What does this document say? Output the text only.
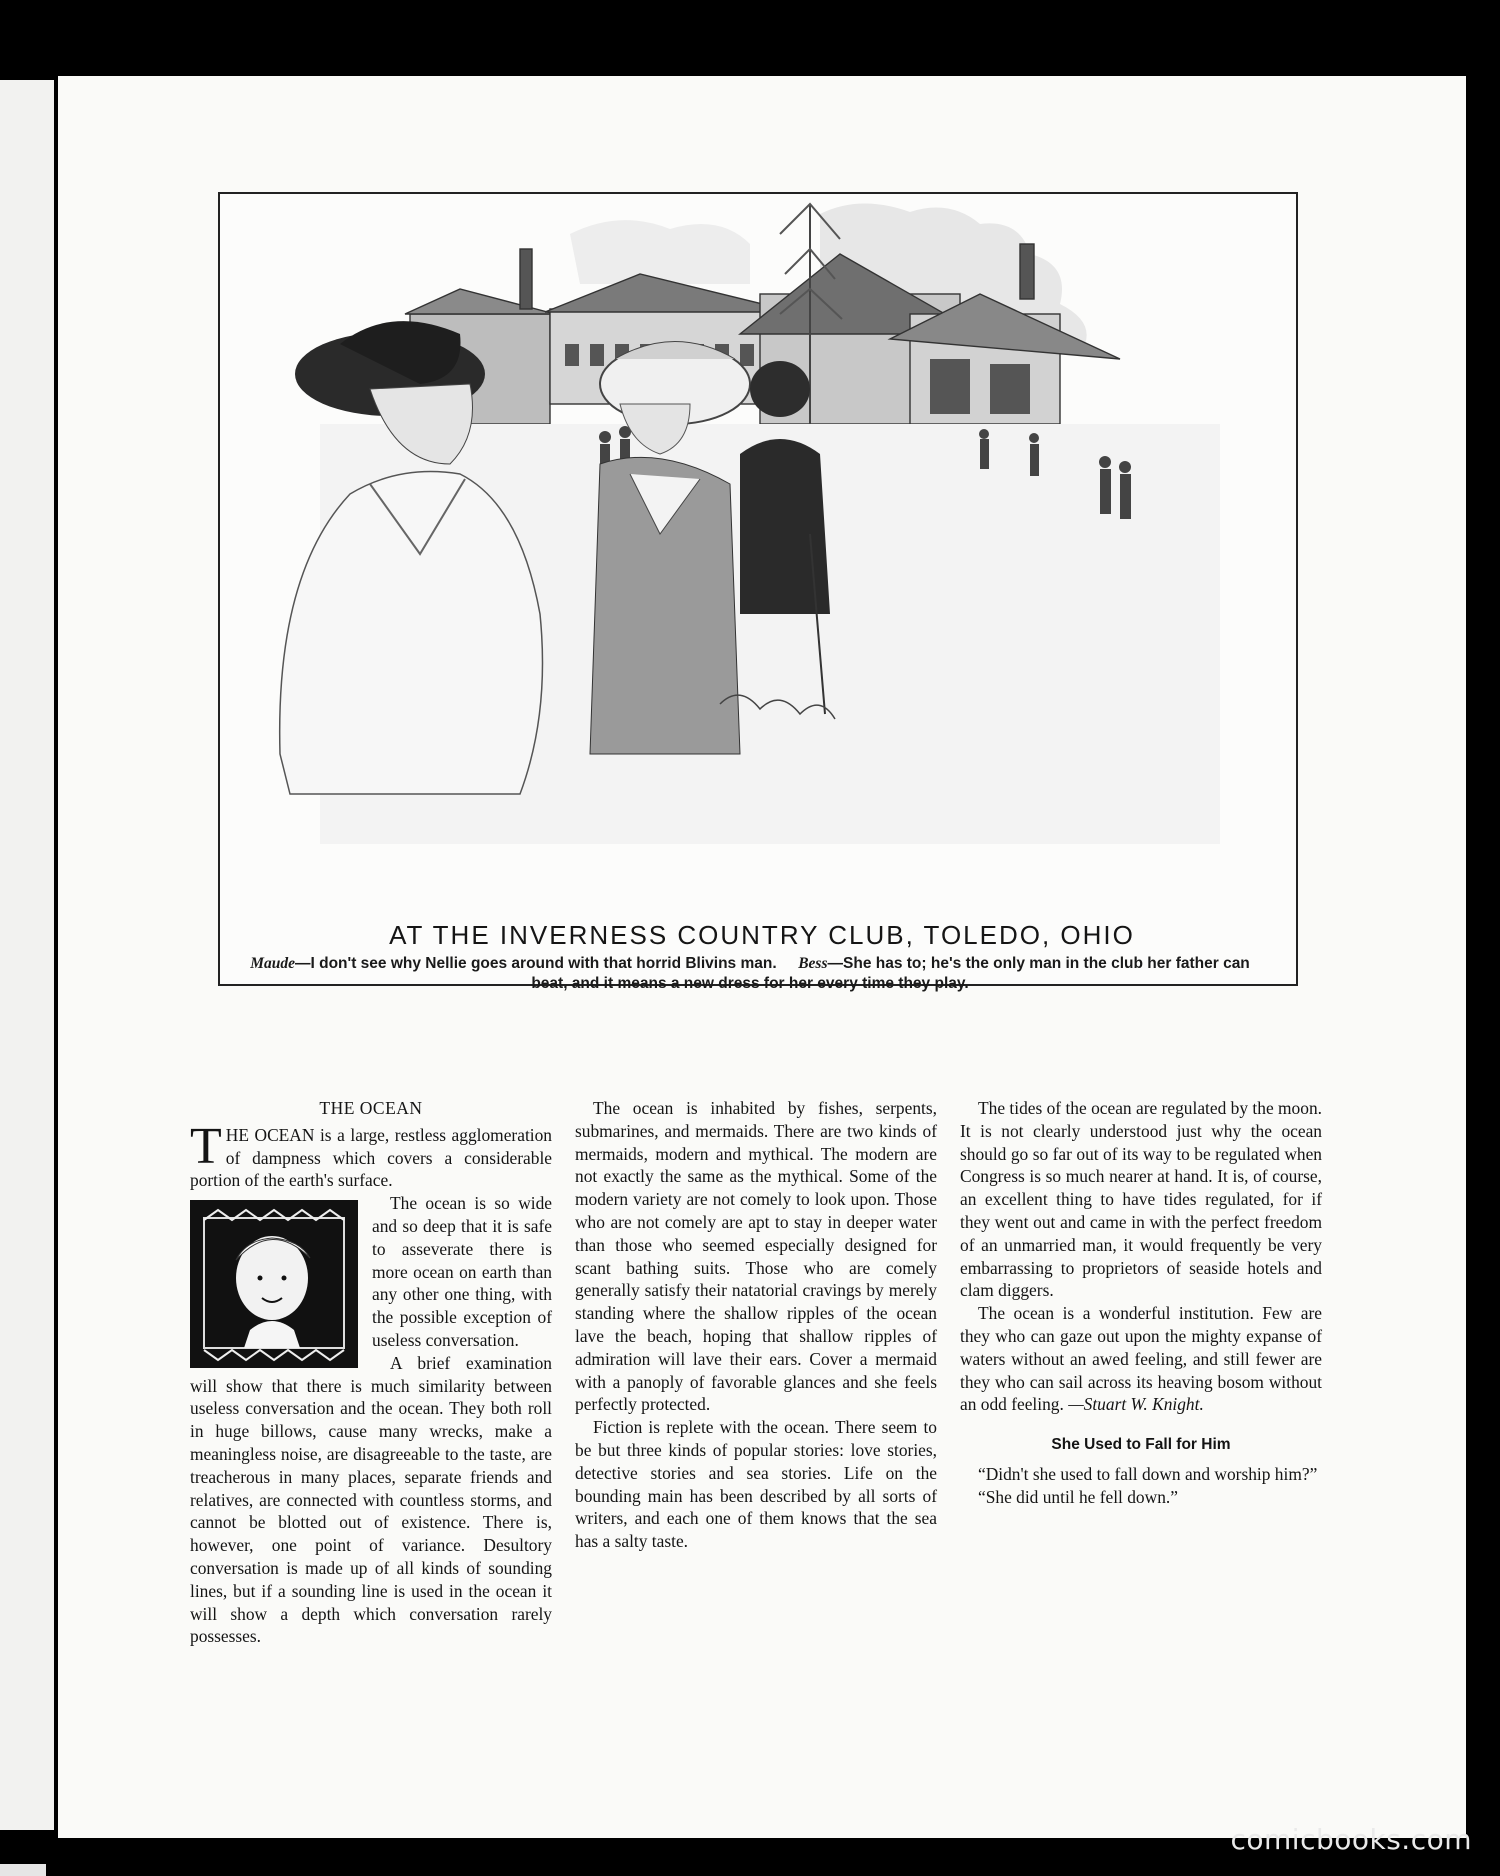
AT THE INVERNESS COUNTRY CLUB, TOLEDO, OHIO
Maude—I don't see why Nellie goes around with that horrid Blivins man. Bess—She has to; he's the only man in the club her father can beat, and it means a new dress for her every time they play.
THE OCEAN

THE OCEAN is a large, restless agglomeration of dampness which covers a considerable portion of the earth's surface.

The ocean is so wide and so deep that it is safe to asseverate there is more ocean on earth than any other one thing, with the possible exception of useless conversation.

A brief examination will show that there is much similarity between useless conversation and the ocean. They both roll in huge billows, cause many wrecks, make a meaningless noise, are disagreeable to the taste, are treacherous in many places, separate friends and relatives, are connected with countless storms, and cannot be blotted out of existence. There is, however, one point of variance. Desultory conversation is made up of all kinds of sounding lines, but if a sounding line is used in the ocean it will show a depth which conversation rarely possesses.

The ocean is inhabited by fishes, serpents, submarines, and mermaids. There are two kinds of mermaids, modern and mythical. The modern are not exactly the same as the mythical. Some of the modern variety are not comely to look upon. Those who are not comely are apt to stay in deeper water than those who seemed especially designed for scant bathing suits. Those who are comely generally satisfy their natatorial cravings by merely standing where the shallow ripples of the ocean lave the beach, hoping that shallow ripples of admiration will lave their ears. Cover a mermaid with a panoply of favorable glances and she feels perfectly protected.

Fiction is replete with the ocean. There seem to be but three kinds of popular stories: love stories, detective stories and sea stories. Life on the bounding main has been described by all sorts of writers, and each one of them knows that the sea has a salty taste.

The tides of the ocean are regulated by the moon. It is not clearly understood just why the ocean should go so far out of its way to be regulated when Congress is so much nearer at hand. It is, of course, an excellent thing to have tides regulated, for if they went out and came in with the perfect freedom of an unmarried man, it would frequently be very embarrassing to proprietors of seaside hotels and clam diggers.

The ocean is a wonderful institution. Few are they who can gaze out upon the mighty expanse of waters without an awed feeling, and still fewer are they who can sail across its heaving bosom without an odd feeling. —Stuart W. Knight.

She Used to Fall for Him

“Didn't she used to fall down and worship him?”

“She did until he fell down.”

comicbooks.com
